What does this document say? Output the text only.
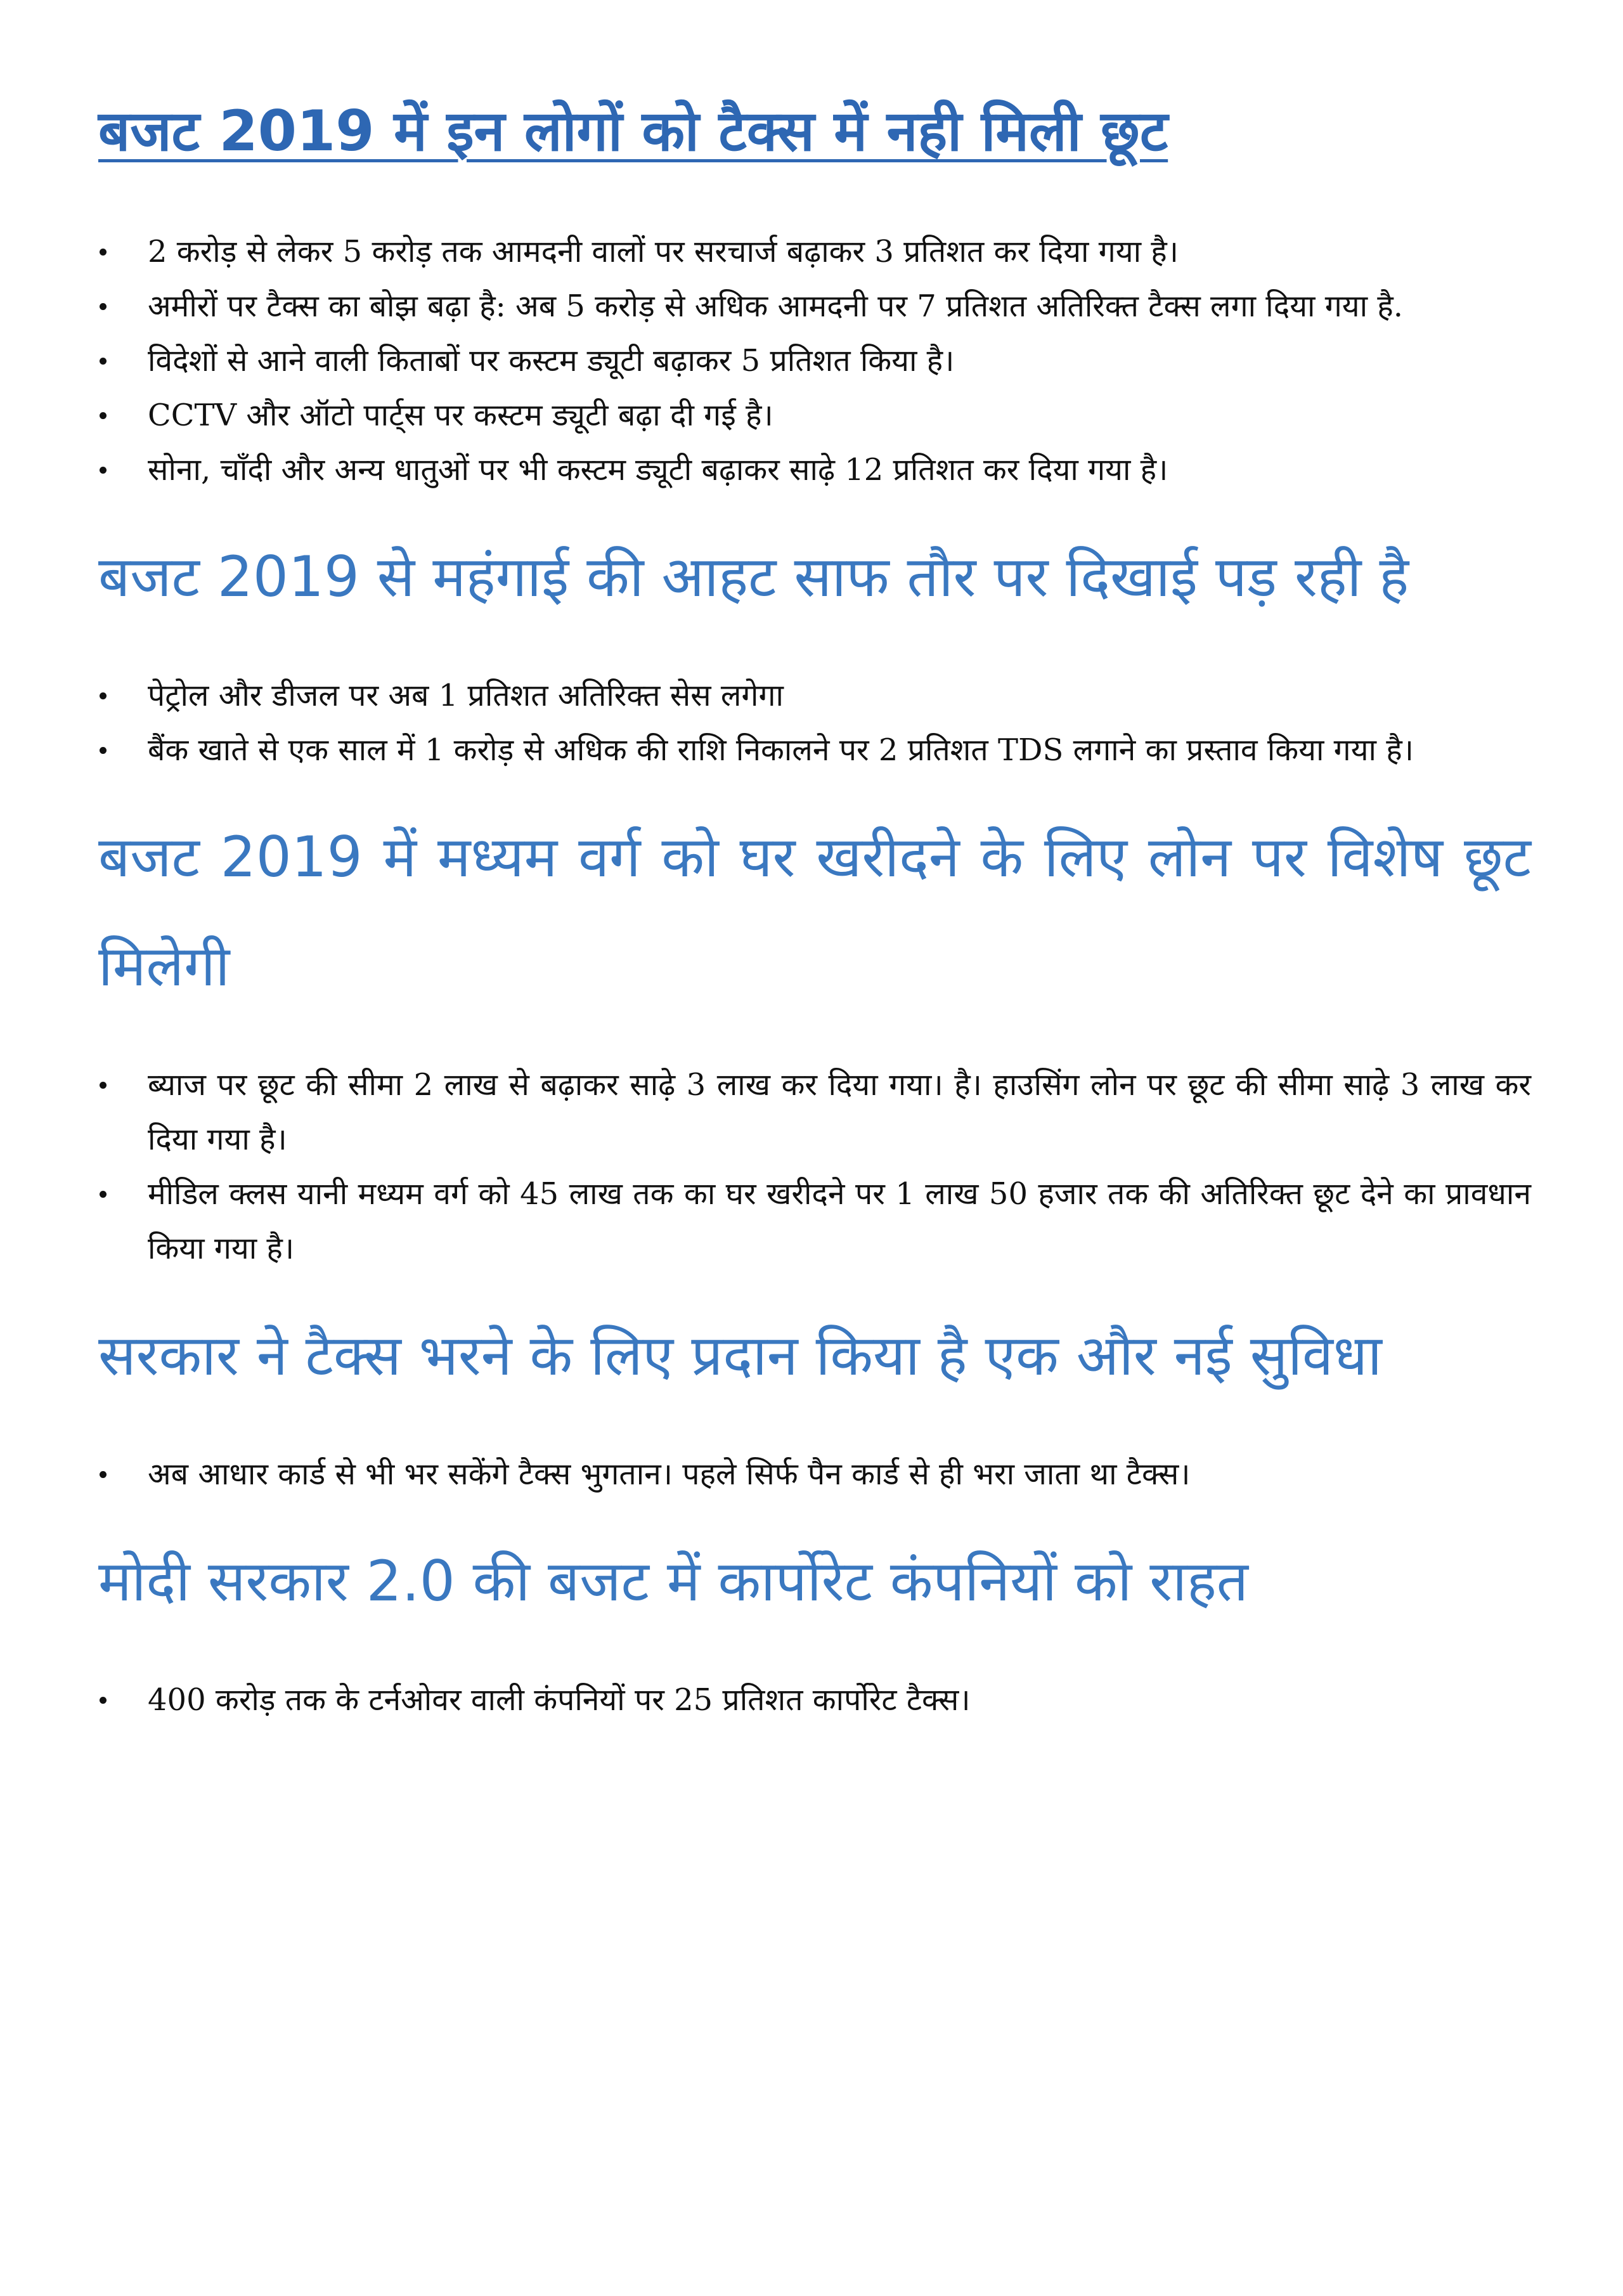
बजट 2019 में इन लोगों को टैक्स में नही मिली छूट
2 करोड़ से लेकर 5 करोड़ तक आमदनी वालों पर सरचार्ज बढ़ाकर 3 प्रतिशत कर दिया गया है।
अमीरों पर टैक्स का बोझ बढ़ा है: अब 5 करोड़ से अधिक आमदनी पर 7 प्रतिशत अतिरिक्त टैक्स लगा दिया गया है.
विदेशों से आने वाली किताबों पर कस्टम ड्यूटी बढ़ाकर 5 प्रतिशत किया है।
CCTV और ऑटो पार्ट्स पर कस्टम ड्यूटी बढ़ा दी गई है।
सोना, चाँदी और अन्य धातुओं पर भी कस्टम ड्यूटी बढ़ाकर साढ़े 12 प्रतिशत कर दिया गया है।
बजट 2019 से महंगाई की आहट साफ तौर पर दिखाई पड़ रही है
पेट्रोल और डीजल पर अब 1 प्रतिशत अतिरिक्त सेस लगेगा
बैंक खाते से एक साल में 1 करोड़ से अधिक की राशि निकालने पर 2 प्रतिशत TDS लगाने का प्रस्ताव किया गया है।
बजट 2019 में मध्यम वर्ग को घर खरीदने के लिए लोन पर विशेष छूट मिलेगी
ब्याज पर छूट की सीमा 2 लाख से बढ़ाकर साढ़े 3 लाख कर दिया गया। है। हाउसिंग लोन पर छूट की सीमा साढ़े 3 लाख कर दिया गया है।
मीडिल क्लस यानी मध्यम वर्ग को 45 लाख तक का घर खरीदने पर 1 लाख 50 हजार तक की अतिरिक्त छूट देने का प्रावधान किया गया है।
सरकार ने टैक्स भरने के लिए प्रदान किया है एक और नई सुविधा
अब आधार कार्ड से भी भर सकेंगे टैक्स भुगतान। पहले सिर्फ पैन कार्ड से ही भरा जाता था टैक्स।
मोदी सरकार 2.0 की बजट में कार्पोरेट कंपनियों को राहत
400 करोड़ तक के टर्नओवर वाली कंपनियों पर 25 प्रतिशत कार्पोरेट टैक्स।
